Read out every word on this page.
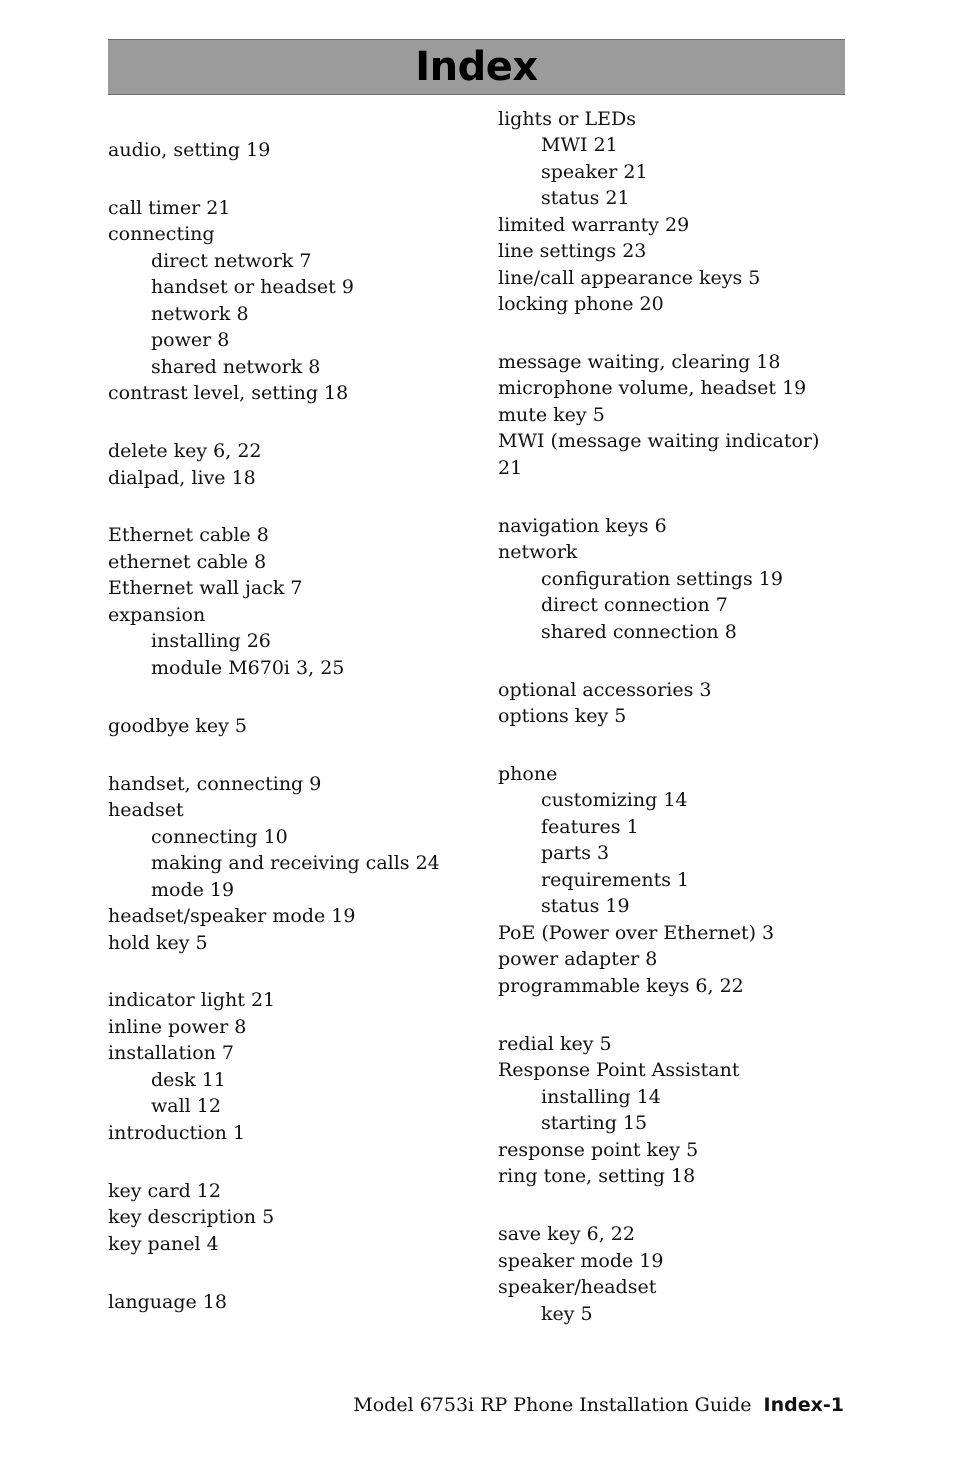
Index
audio, setting 19
call timer 21
connecting
direct network 7
handset or headset 9
network 8
power 8
shared network 8
contrast level, setting 18
delete key 6, 22
dialpad, live 18
Ethernet cable 8
ethernet cable 8
Ethernet wall jack 7
expansion
installing 26
module M670i 3, 25
goodbye key 5
handset, connecting 9
headset
connecting 10
making and receiving calls 24
mode 19
headset/speaker mode 19
hold key 5
indicator light 21
inline power 8
installation 7
desk 11
wall 12
introduction 1
key card 12
key description 5
key panel 4
language 18
lights or LEDs
MWI 21
speaker 21
status 21
limited warranty 29
line settings 23
line/call appearance keys 5
locking phone 20
message waiting, clearing 18
microphone volume, headset 19
mute key 5
MWI (message waiting indicator)
21
navigation keys 6
network
configuration settings 19
direct connection 7
shared connection 8
optional accessories 3
options key 5
phone
customizing 14
features 1
parts 3
requirements 1
status 19
PoE (Power over Ethernet) 3
power adapter 8
programmable keys 6, 22
redial key 5
Response Point Assistant
installing 14
starting 15
response point key 5
ring tone, setting 18
save key 6, 22
speaker mode 19
speaker/headset
key 5
Model 6753i RP Phone Installation Guide Index-1
